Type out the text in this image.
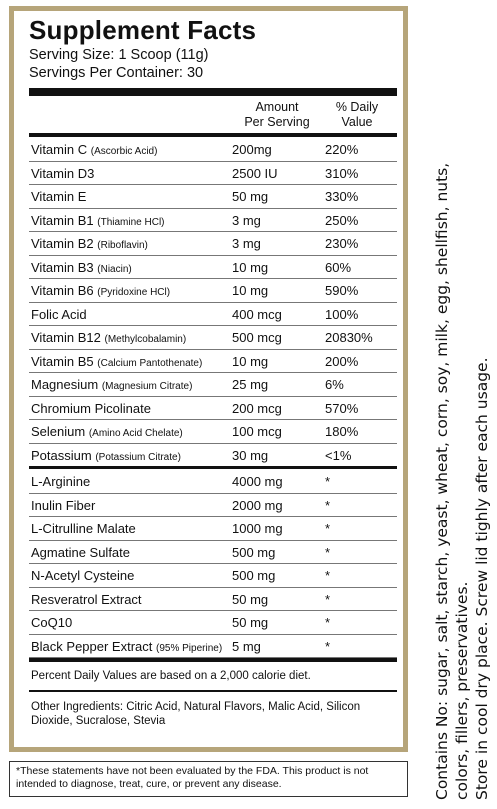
Supplement Facts
Serving Size: 1 Scoop (11g)
Servings Per Container: 30
Amount
Per Serving
% Daily
Value
Vitamin C (Ascorbic Acid)	200mg	220%
Vitamin D3	2500 IU	310%
Vitamin E	50 mg	330%
Vitamin B1 (Thiamine HCl)	3 mg	250%
Vitamin B2 (Riboflavin)	3 mg	230%
Vitamin B3 (Niacin)	10 mg	60%
Vitamin B6 (Pyridoxine HCl)	10 mg	590%
Folic Acid	400 mcg	100%
Vitamin B12 (Methylcobalamin)	500 mcg	20830%
Vitamin B5 (Calcium Pantothenate) 10 mg	200%
Magnesium (Magnesium Citrate)	25 mg	6%
Chromium Picolinate	200 mcg	570%
Selenium (Amino Acid Chelate)	100 mcg	180%
Potassium (Potassium Citrate)	30 mg	<1%
L-Arginine	4000 mg	*
Inulin Fiber	2000 mg	*
L-Citrulline Malate	1000 mg	*
Agmatine Sulfate	500 mg	*
N-Acetyl Cysteine	500 mg	*
Resveratrol Extract	50 mg	*
CoQ10	50 mg	*
Black Pepper Extract (95% Piperine) 5 mg	*
Percent Daily Values are based on a 2,000 calorie diet.
Other Ingredients: Citric Acid, Natural Flavors, Malic Acid, Silicon Dioxide, Sucralose, Stevia
*These statements have not been evaluated by the FDA. This product is not intended to diagnose, treat, cure, or prevent any disease.	Contains No: sugar, salt, starch, yeast, wheat, corn, soy, milk, egg, shellfish, nuts, colors, fillers, preservatives. Store in cool dry place. Screw lid tighly after each usage.
